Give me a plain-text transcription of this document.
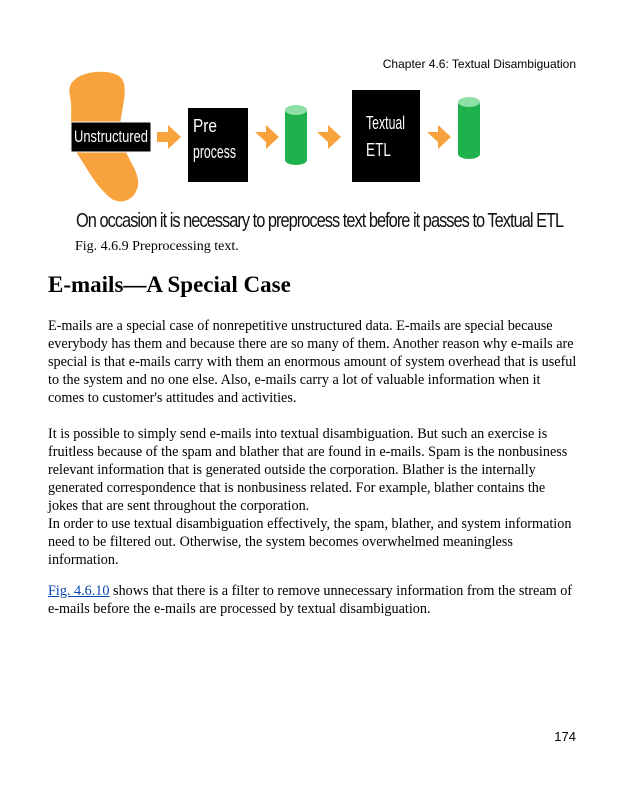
Chapter 4.6: Textual Disambiguation
Unstructured
Pre
process
Textual
ETL
On occasion it is necessary to preprocess text before it passes to Textual ETL
Fig. 4.6.9 Preprocessing text.
E-mails—A Special Case

E-mails are a special case of nonrepetitive unstructured data. E-mails are special because everybody has them and because there are so many of them. Another reason why e-mails are special is that e-mails carry with them an enormous amount of system overhead that is useful to the system and no one else. Also, e-mails carry a lot of valuable information when it comes to customer's attitudes and activities.

It is possible to simply send e-mails into textual disambiguation. But such an exercise is fruitless because of the spam and blather that are found in e-mails. Spam is the nonbusiness relevant information that is generated outside the corporation. Blather is the internally generated correspondence that is nonbusiness related. For example, blather contains the jokes that are sent throughout the corporation.

In order to use textual disambiguation effectively, the spam, blather, and system information need to be filtered out. Otherwise, the system becomes overwhelmed meaningless information.

Fig. 4.6.10 shows that there is a filter to remove unnecessary information from the stream of e-mails before the e-mails are processed by textual disambiguation.

174
